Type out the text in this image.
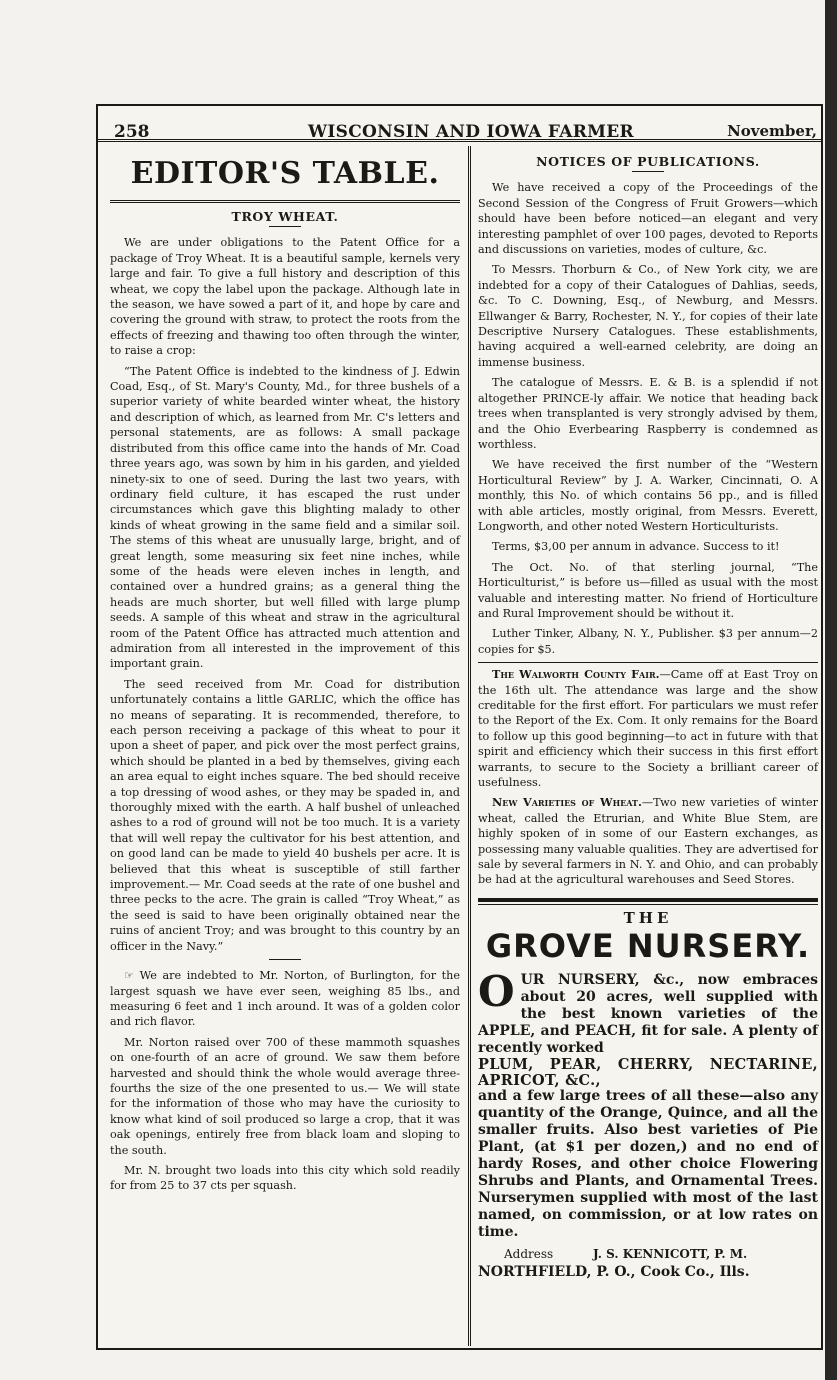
258	WISCONSIN AND IOWA FARMER	November,
EDITOR'S TABLE.
TROY WHEAT.

We are under obligations to the Patent Office for a package of Troy Wheat. It is a beautiful sample, kernels very large and fair. To give a full history and description of this wheat, we copy the label upon the package. Although late in the season, we have sowed a part of it, and hope by care and covering the ground with straw, to protect the roots from the effects of freezing and thawing too often through the winter, to raise a crop:

“The Patent Office is indebted to the kindness of J. Edwin Coad, Esq., of St. Mary's County, Md., for three bushels of a superior variety of white bearded winter wheat, the history and description of which, as learned from Mr. C's letters and personal statements, are as follows: A small package distributed from this office came into the hands of Mr. Coad three years ago, was sown by him in his garden, and yielded ninety-six to one of seed. During the last two years, with ordinary field culture, it has escaped the rust under circumstances which gave this blighting malady to other kinds of wheat growing in the same field and a similar soil. The stems of this wheat are unusually large, bright, and of great length, some measuring six feet nine inches, while some of the heads were eleven inches in length, and contained over a hundred grains; as a general thing the heads are much shorter, but well filled with large plump seeds. A sample of this wheat and straw in the agricultural room of the Patent Office has attracted much attention and admiration from all interested in the improvement of this important grain.

The seed received from Mr. Coad for distribution unfortunately contains a little GARLIC, which the office has no means of separating. It is recommended, therefore, to each person receiving a package of this wheat to pour it upon a sheet of paper, and pick over the most perfect grains, which should be planted in a bed by themselves, giving each an area equal to eight inches square. The bed should receive a top dressing of wood ashes, or they may be spaded in, and thoroughly mixed with the earth. A half bushel of unleached ashes to a rod of ground will not be too much. It is a variety that will well repay the cultivator for his best attention, and on good land can be made to yield 40 bushels per acre. It is believed that this wheat is susceptible of still farther improvement.— Mr. Coad seeds at the rate of one bushel and three pecks to the acre. The grain is called “Troy Wheat,” as the seed is said to have been originally obtained near the ruins of ancient Troy; and was brought to this country by an officer in the Navy.”

☞ We are indebted to Mr. Norton, of Burlington, for the largest squash we have ever seen, weighing 85 lbs., and measuring 6 feet and 1 inch around. It was of a golden color and rich flavor.

Mr. Norton raised over 700 of these mammoth squashes on one-fourth of an acre of ground. We saw them before harvested and should think the whole would average three-fourths the size of the one presented to us.— We will state for the information of those who may have the curiosity to know what kind of soil produced so large a crop, that it was oak openings, entirely free from black loam and sloping to the south.

Mr. N. brought two loads into this city which sold readily for from 25 to 37 cts per squash.

NOTICES OF PUBLICATIONS.

We have received a copy of the Proceedings of the Second Session of the Congress of Fruit Growers—which should have been before noticed—an elegant and very interesting pamphlet of over 100 pages, devoted to Reports and discussions on varieties, modes of culture, &c.

To Messrs. Thorburn & Co., of New York city, we are indebted for a copy of their Catalogues of Dahlias, seeds, &c. To C. Downing, Esq., of Newburg, and Messrs. Ellwanger & Barry, Rochester, N. Y., for copies of their late Descriptive Nursery Catalogues. These establishments, having acquired a well-earned celebrity, are doing an immense business.

The catalogue of Messrs. E. & B. is a splendid if not altogether PRINCE-ly affair. We notice that heading back trees when transplanted is very strongly advised by them, and the Ohio Everbearing Raspberry is condemned as worthless.

We have received the first number of the “Western Horticultural Review” by J. A. Warker, Cincinnati, O. A monthly, this No. of which contains 56 pp., and is filled with able articles, mostly original, from Messrs. Everett, Longworth, and other noted Western Horticulturists.

Terms, $3,00 per annum in advance. Success to it!

The Oct. No. of that sterling journal, “The Horticulturist,” is before us—filled as usual with the most valuable and interesting matter. No friend of Horticulture and Rural Improvement should be without it.

Luther Tinker, Albany, N. Y., Publisher. $3 per annum—2 copies for $5.

The Walworth County Fair.—Came off at East Troy on the 16th ult. The attendance was large and the show creditable for the first effort. For particulars we must refer to the Report of the Ex. Com. It only remains for the Board to follow up this good beginning—to act in future with that spirit and efficiency which their success in this first effort warrants, to secure to the Society a brilliant career of usefulness.

New Varieties of Wheat.—Two new varieties of winter wheat, called the Etrurian, and White Blue Stem, are highly spoken of in some of our Eastern exchanges, as possessing many valuable qualities. They are advertised for sale by several farmers in N. Y. and Ohio, and can probably be had at the agricultural warehouses and Seed Stores.

THE
GROVE NURSERY.
O UR NURSERY, &c., now embraces about 20 acres, well supplied with the best known varieties of the APPLE, and PEACH, fit for sale. A plenty of recently worked
PLUM, PEAR, CHERRY, NECTARINE, APRICOT, &C.,
and a few large trees of all these—also any quantity of the Orange, Quince, and all the smaller fruits. Also best varieties of Pie Plant, (at $1 per dozen,) and no end of hardy Roses, and other choice Flowering Shrubs and Plants, and Ornamental Trees. Nurserymen supplied with most of the last named, on commission, or at low rates on time.
Address	J. S. KENNICOTT, P. M.
NORTHFIELD, P. O., Cook Co., Ills.
